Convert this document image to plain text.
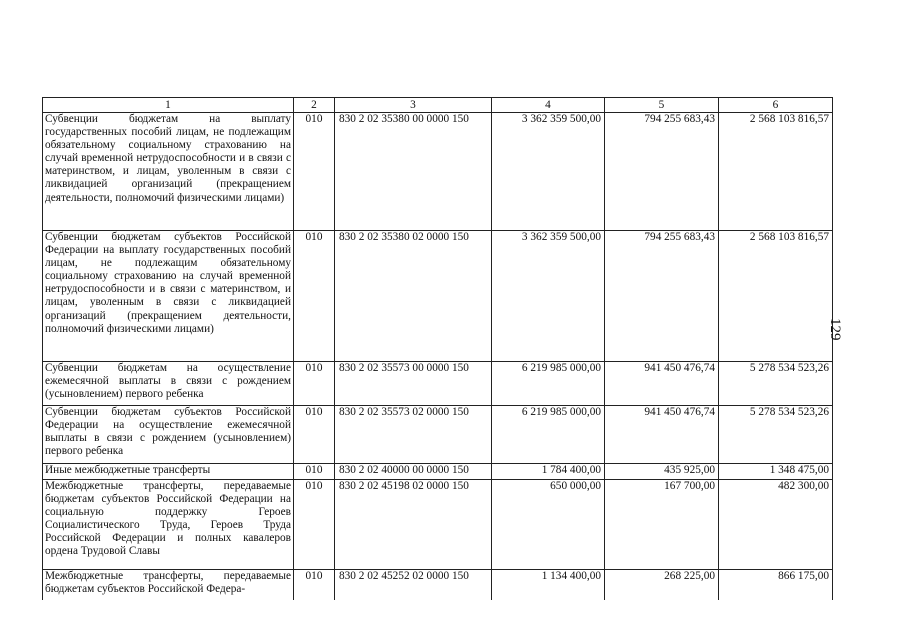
1	2	3	4	5	6
Субвенции бюджетам на выплату государственных пособий лицам, не подлежащим обязательному социальному страхованию на случай временной нетрудоспособности и в связи с материнством, и лицам, уволенным в связи с ликвидацией организаций (прекращением деятельности, полномочий физическими лицами)	010	830 2 02 35380 00 0000 150	3 362 359 500,00	794 255 683,43	2 568 103 816,57
Субвенции бюджетам субъектов Российской Федерации на выплату государственных пособий лицам, не подлежащим обязательному социальному страхованию на случай временной нетрудоспособности и в связи с материнством, и лицам, уволенным в связи с ликвидацией организаций (прекращением деятельности, полномочий физическими лицами)	010	830 2 02 35380 02 0000 150	3 362 359 500,00	794 255 683,43	2 568 103 816,57
Субвенции бюджетам на осуществление ежемесячной выплаты в связи с рождением (усыновлением) первого ребенка	010	830 2 02 35573 00 0000 150	6 219 985 000,00	941 450 476,74	5 278 534 523,26
Субвенции бюджетам субъектов Российской Федерации на осуществление ежемесячной выплаты в связи с рождением (усыновлением) первого ребенка	010	830 2 02 35573 02 0000 150	6 219 985 000,00	941 450 476,74	5 278 534 523,26
Иные межбюджетные трансферты	010	830 2 02 40000 00 0000 150	1 784 400,00	435 925,00	1 348 475,00
Межбюджетные трансферты, передаваемые бюджетам субъектов Российской Федерации на социальную поддержку Героев Социалистического Труда, Героев Труда Российской Федерации и полных кавалеров ордена Трудовой Славы	010	830 2 02 45198 02 0000 150	650 000,00	167 700,00	482 300,00
Межбюджетные трансферты, передаваемые бюджетам субъектов Российской Федера-	010	830 2 02 45252 02 0000 150	1 134 400,00	268 225,00	866 175,00
129
